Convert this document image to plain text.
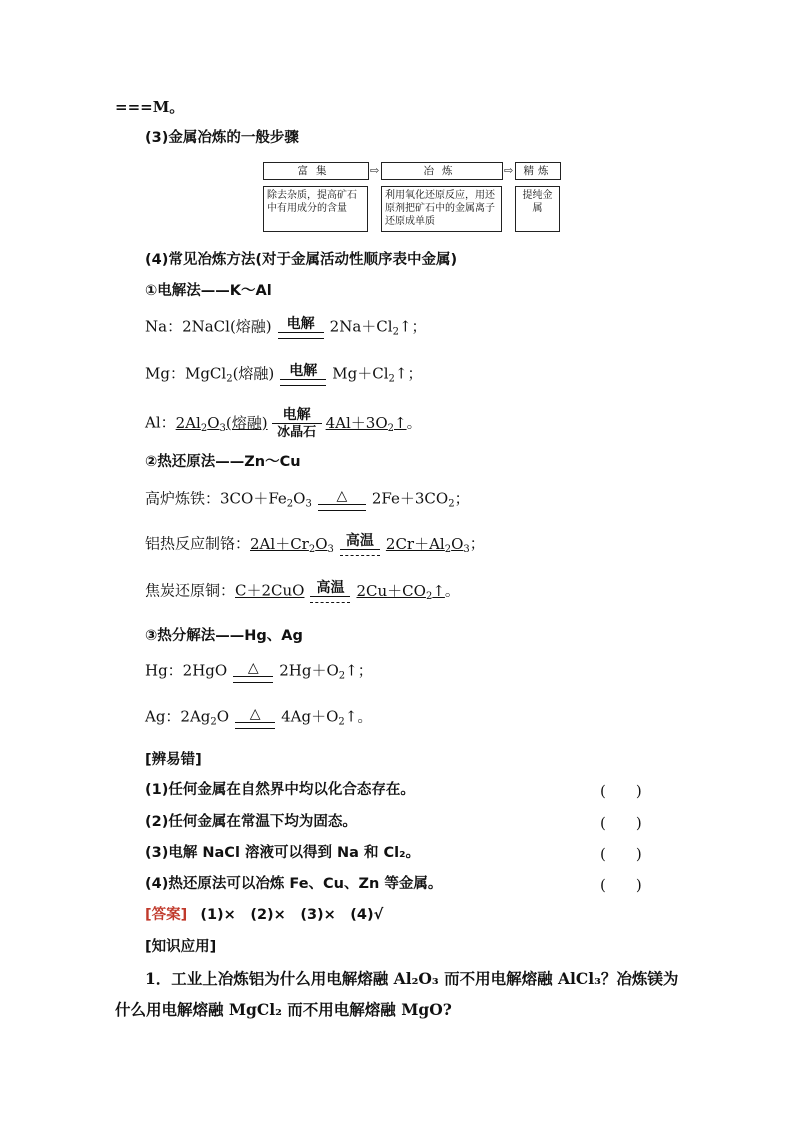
===M。
(3)金属冶炼的一般步骤
富集	⇨	冶炼	⇨ 精炼
除去杂质，提高矿石中有用成分的含量
利用氧化还原反应，用还原剂把矿石中的金属离子还原成单质
提纯金属
(4)常见冶炼方法(对于金属活动性顺序表中金属)
①电解法——K～Al
Na：2NaCl(熔融)	电解	$2Na+Cl_2↑$；
Mg：MgCl$_2$(熔融)	电解	$Mg+Cl_2↑$；
Al：$2Al_2O_3$(熔融)	电解
冰晶石
$4Al+3O_2↑$。
②热还原法——Zn～Cu
高炉炼铁：$3CO+Fe_2O_3$	△	$2Fe+3CO_2$；
铝热反应制铬：$2Al+Cr_2O_3$ 高温 $2Cr+Al_2O_3$；
焦炭还原铜：C＋2CuO 高温 $2Cu+CO_2↑$。
③热分解法——Hg、Ag
Hg：2HgO	△	$2Hg+O_2↑$；
Ag：$2Ag_2O$	△	$4Ag+O_2↑$。
[辨易错]
(1)任何金属在自然界中均以化合态存在。	(　　)
(2)任何金属在常温下均为固态。	(　　)
(3)电解 NaCl 溶液可以得到 Na 和 Cl₂。	(　　)
(4)热还原法可以冶炼 Fe、Cu、Zn 等金属。	(　　)
[答案] (1)×　(2)×　(3)×　(4)√
[知识应用]
1．工业上冶炼铝为什么用电解熔融 Al₂O₃ 而不用电解熔融 AlCl₃？冶炼镁为
什么用电解熔融 MgCl₂ 而不用电解熔融 MgO?
